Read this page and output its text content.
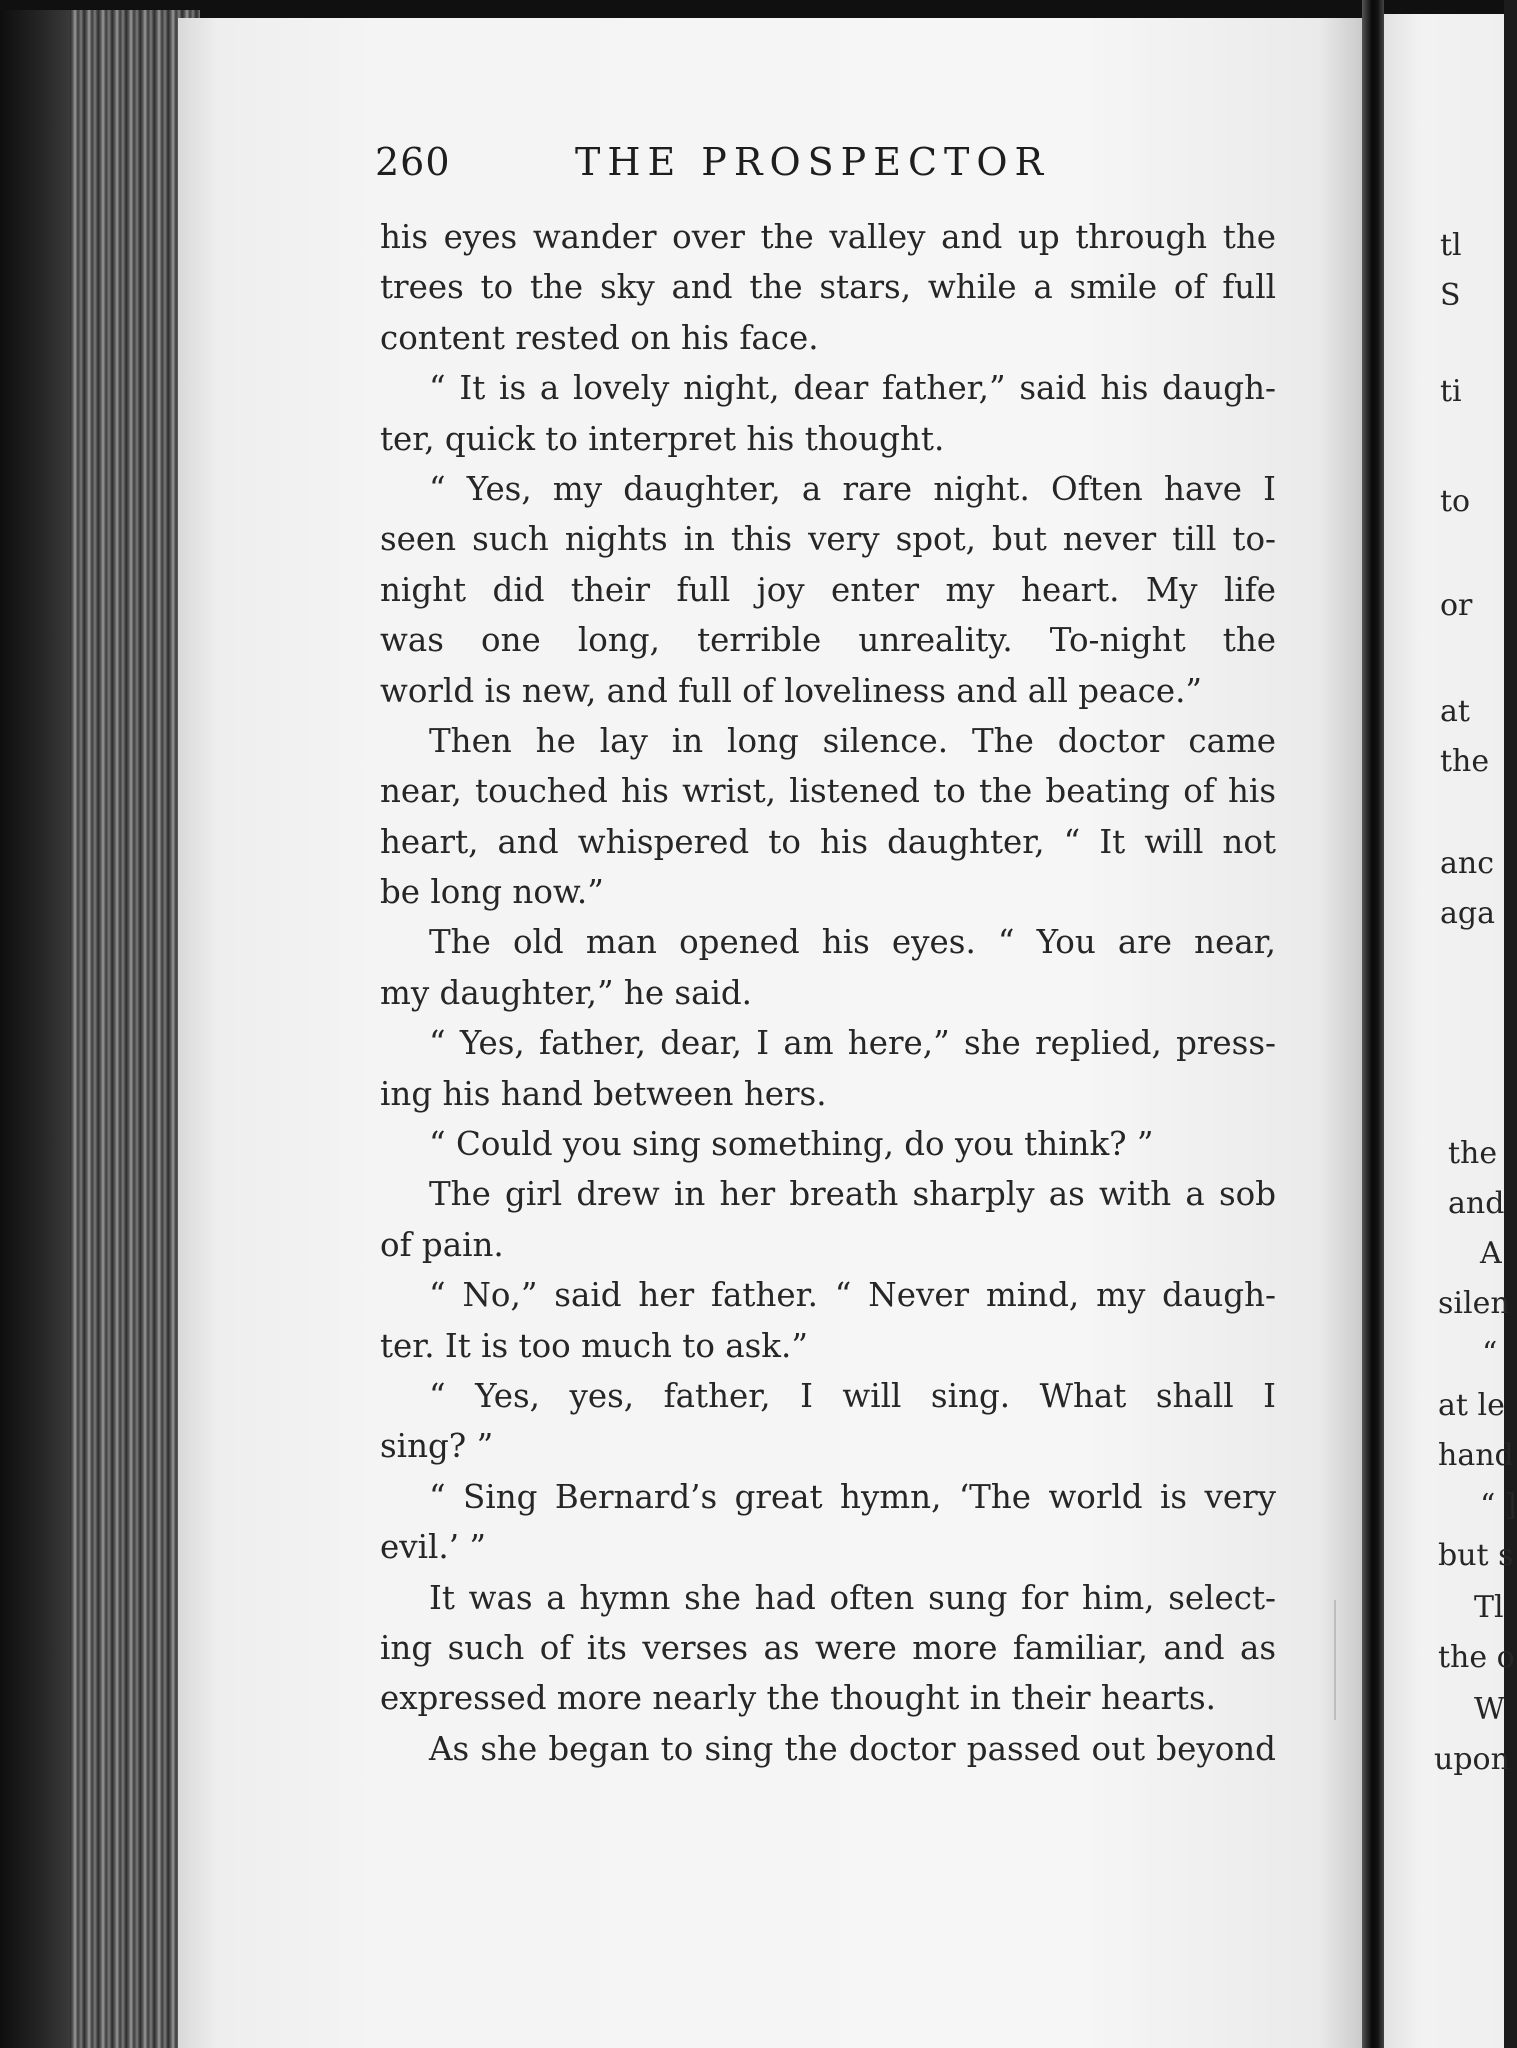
260	THE PROSPECTOR
his eyes wander over the valley and up through the
trees to the sky and the stars, while a smile of full
content rested on his face.
“ It is a lovely night, dear father,” said his daugh-
ter, quick to interpret his thought.
“ Yes, my daughter, a rare night. Often have I
seen such nights in this very spot, but never till to-
night did their full joy enter my heart. My life
was one long, terrible unreality. To-night the
world is new, and full of loveliness and all peace.”
Then he lay in long silence. The doctor came
near, touched his wrist, listened to the beating of his
heart, and whispered to his daughter, “ It will not
be long now.”
The old man opened his eyes. “ You are near,
my daughter,” he said.
“ Yes, father, dear, I am here,” she replied, press-
ing his hand between hers.
“ Could you sing something, do you think? ”
The girl drew in her breath sharply as with a sob
of pain.
“ No,” said her father. “ Never mind, my daugh-
ter. It is too much to ask.”
“ Yes, yes, father, I will sing. What shall I
sing? ”
“ Sing Bernard’s great hymn, ‘The world is very
evil.’ ”
It was a hymn she had often sung for him, select-
ing such of its verses as were more familiar, and as
expressed more nearly the thought in their hearts.
As she began to sing the doctor passed out beyond
tl
S
ti
to
or
at
the
anc
aga
the
and
A
silen
“
at le
hand
“ ]
but s
Tl
the o
W
upon
